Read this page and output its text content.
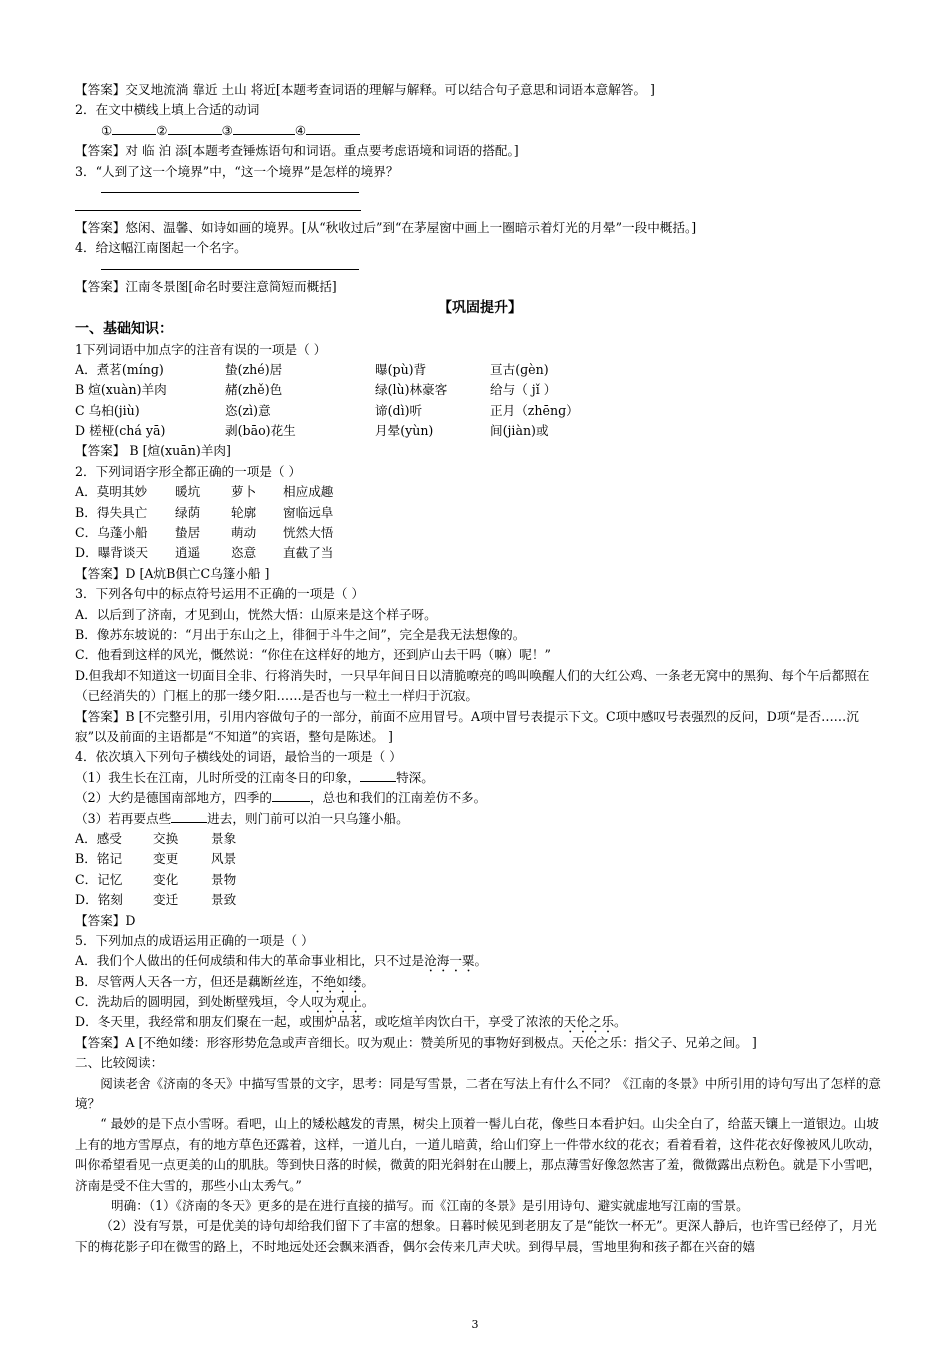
【答案】交叉地流淌 靠近 土山 将近[本题考查词语的理解与解释。可以结合句子意思和词语本意解答。 ]
2．在文中横线上填上合适的动词
①	②	③	④
【答案】对 临 泊 添[本题考查锤炼语句和词语。重点要考虑语境和词语的搭配。]
3．“人到了这一个境界”中，“这一个境界”是怎样的境界？
【答案】悠闲、温馨、如诗如画的境界。[从“秋收过后”到“在茅屋窗中画上一圈暗示着灯光的月晕”一段中概括。]
4．给这幅江南图起一个名字。
【答案】江南冬景图[命名时要注意简短而概括]
【巩固提升】
一、基础知识：
1下列词语中加点字的注音有误的一项是（ ）
A．煮茗(mínɡ)	蛰(zhé)居	曝(pù)背	亘古(ɡèn)
B 煊(xuàn)羊肉	赭(zhě)色	绿(lù)林豪客	给与（ jǐ ）
C 乌桕(jiù)	恣(zì)意	谛(dì)听	正月（zhēnɡ）
D 槎桠(chá yā)	剥(bāo)花生	月晕(yùn)	间(jiàn)或
【答案】 B [煊(xuān)羊肉]
2．下列词语字形全都正确的一项是（ ）
A．莫明其妙	暖坑	萝卜	相应成趣
B．得失具亡	绿荫	轮廓	窗临远阜
C．乌蓬小船	蛰居	萌动	恍然大悟
D．曝背谈天	逍遥	恣意	直截了当
【答案】D [A炕B俱亡C乌篷小船 ]
3．下列各句中的标点符号运用不正确的一项是（ ）
A．以后到了济南，才见到山，恍然大悟：山原来是这个样子呀。
B．像苏东坡说的：“月出于东山之上，徘徊于斗牛之间”，完全是我无法想像的。
C．他看到这样的风光，慨然说：“你住在这样好的地方，还到庐山去干吗（嘛）呢！”
D.但我却不知道这一切面目全非、行将消失时，一只早年间日日以清脆嘹亮的鸣叫唤醒人们的大红公鸡、一条老无窝中的黑狗、每个午后都照在（已经消失的）门框上的那一缕夕阳……是否也与一粒土一样归于沉寂。
【答案】B [不完整引用，引用内容做句子的一部分，前面不应用冒号。A项中冒号表提示下文。C项中感叹号表强烈的反问，D项“是否……沉寂”以及前面的主语都是“不知道”的宾语，整句是陈述。 ]
4．依次填入下列句子横线处的词语，最恰当的一项是（ ）
（1）我生长在江南，儿时所受的江南冬日的印象，	特深。
（2）大约是德国南部地方，四季的	，总也和我们的江南差仿不多。
（3）若再要点些	进去，则门前可以泊一只乌篷小船。
A．感受	交换	景象
B．铭记	变更	风景
C．记忆	变化	景物
D．铭刻	变迁	景致
【答案】D
5．下列加点的成语运用正确的一项是（ ）
A．我们个人做出的任何成绩和伟大的革命事业相比，只不过是沧海一粟。
B．尽管两人天各一方，但还是藕断丝连，不绝如缕。
C．洗劫后的圆明园，到处断壁残垣，令人叹为观止。
D．冬天里，我经常和朋友们聚在一起，或围炉品茗，或吃煊羊肉饮白干，享受了浓浓的天伦之乐。
【答案】A [不绝如缕：形容形势危急或声音细长。叹为观止：赞美所见的事物好到极点。天伦之乐：指父子、兄弟之间。 ]
二、比较阅读：
阅读老舍《济南的冬天》中描写雪景的文字，思考：同是写雪景，二者在写法上有什么不同？《江南的冬景》中所引用的诗句写出了怎样的意境？
“ 最妙的是下点小雪呀。看吧，山上的矮松越发的青黑，树尖上顶着一髻儿白花，像些日本看护妇。山尖全白了，给蓝天镶上一道银边。山坡上有的地方雪厚点，有的地方草色还露着，这样，一道儿白，一道儿暗黄，给山们穿上一件带水纹的花衣；看着看着，这件花衣好像被风儿吹动，叫你希望看见一点更美的山的肌肤。等到快日落的时候，微黄的阳光斜射在山腰上，那点薄雪好像忽然害了羞，微微露出点粉色。就是下小雪吧，济南是受不住大雪的，那些小山太秀气。”
明确：（1）《济南的冬天》更多的是在进行直接的描写。而《江南的冬景》是引用诗句、避实就虚地写江南的雪景。
（2）没有写景，可是优美的诗句却给我们留下了丰富的想象。日暮时候见到老朋友了是“能饮一杯无”。更深人静后，也许雪已经停了，月光下的梅花影子印在微雪的路上，不时地远处还会飘来酒香，偶尔会传来几声犬吠。到得早晨，雪地里狗和孩子都在兴奋的嬉
3
